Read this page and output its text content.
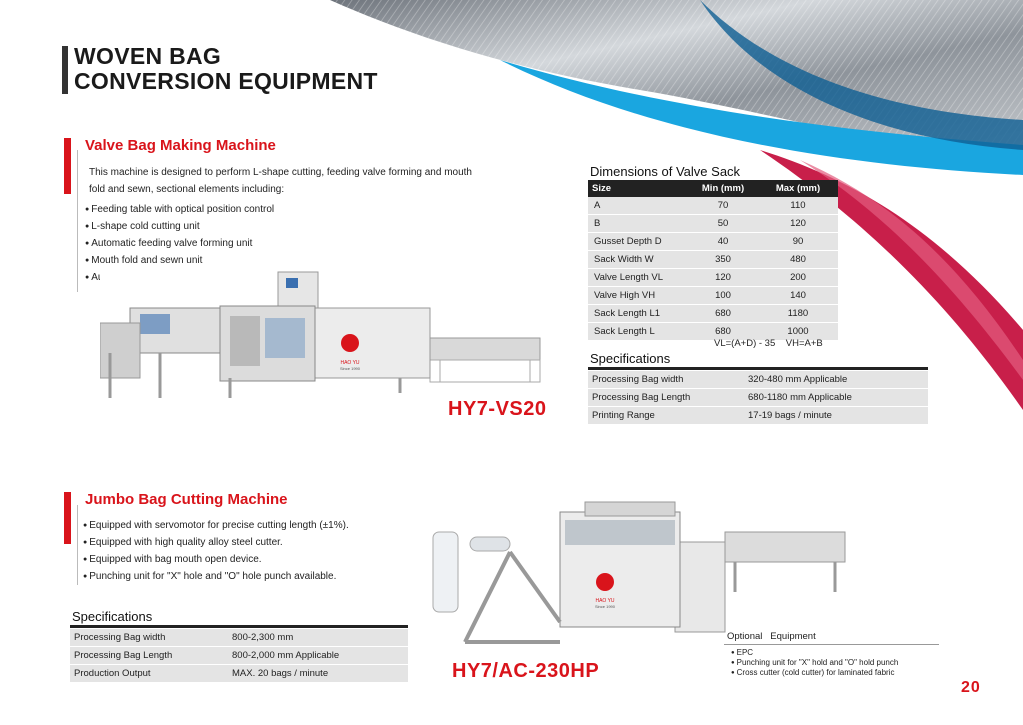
WOVEN BAG
CONVERSION EQUIPMENT
Valve Bag Making Machine
This machine is designed to perform L-shape cutting, feeding valve forming and mouth
fold and sewn, sectional elements including:
● Feeding table with optical position control
● L-shape cold cutting unit
● Automatic feeding valve forming unit
● Mouth fold and sewn unit
● Automatic count stacker unit
HAO YU
Since 1990
HY7-VS20
Dimensions of Valve Sack
Size	Min (mm)	Max (mm)
A	70	110
B	50	120
Gusset Depth D	40	90
Sack Width W	350	480
Valve Length VL	120	200
Valve High VH	100	140
Sack Length L1	680	1180
Sack Length L	680	1000
VL=(A+D) - 35    VH=A+B
Specifications
Processing Bag width	320-480 mm Applicable
Processing Bag Length	680-1180 mm Applicable
Printing Range	17-19 bags / minute
Jumbo Bag Cutting Machine
● Equipped with servomotor for precise cutting length (±1%).
● Equipped with high quality alloy steel cutter.
● Equipped with bag mouth open device.
● Punching unit for "X" hole and "O" hole punch available.
Specifications
Processing Bag width	800-2,300 mm
Processing Bag Length	800-2,000 mm Applicable
Production Output	MAX. 20 bags / minute
HAO YU
Since 1990
HY7/AC-230HP
Optional   Equipment
● EPC
● Punching unit for "X" hold and "O" hold punch
● Cross cutter (cold cutter) for laminated fabric
20
